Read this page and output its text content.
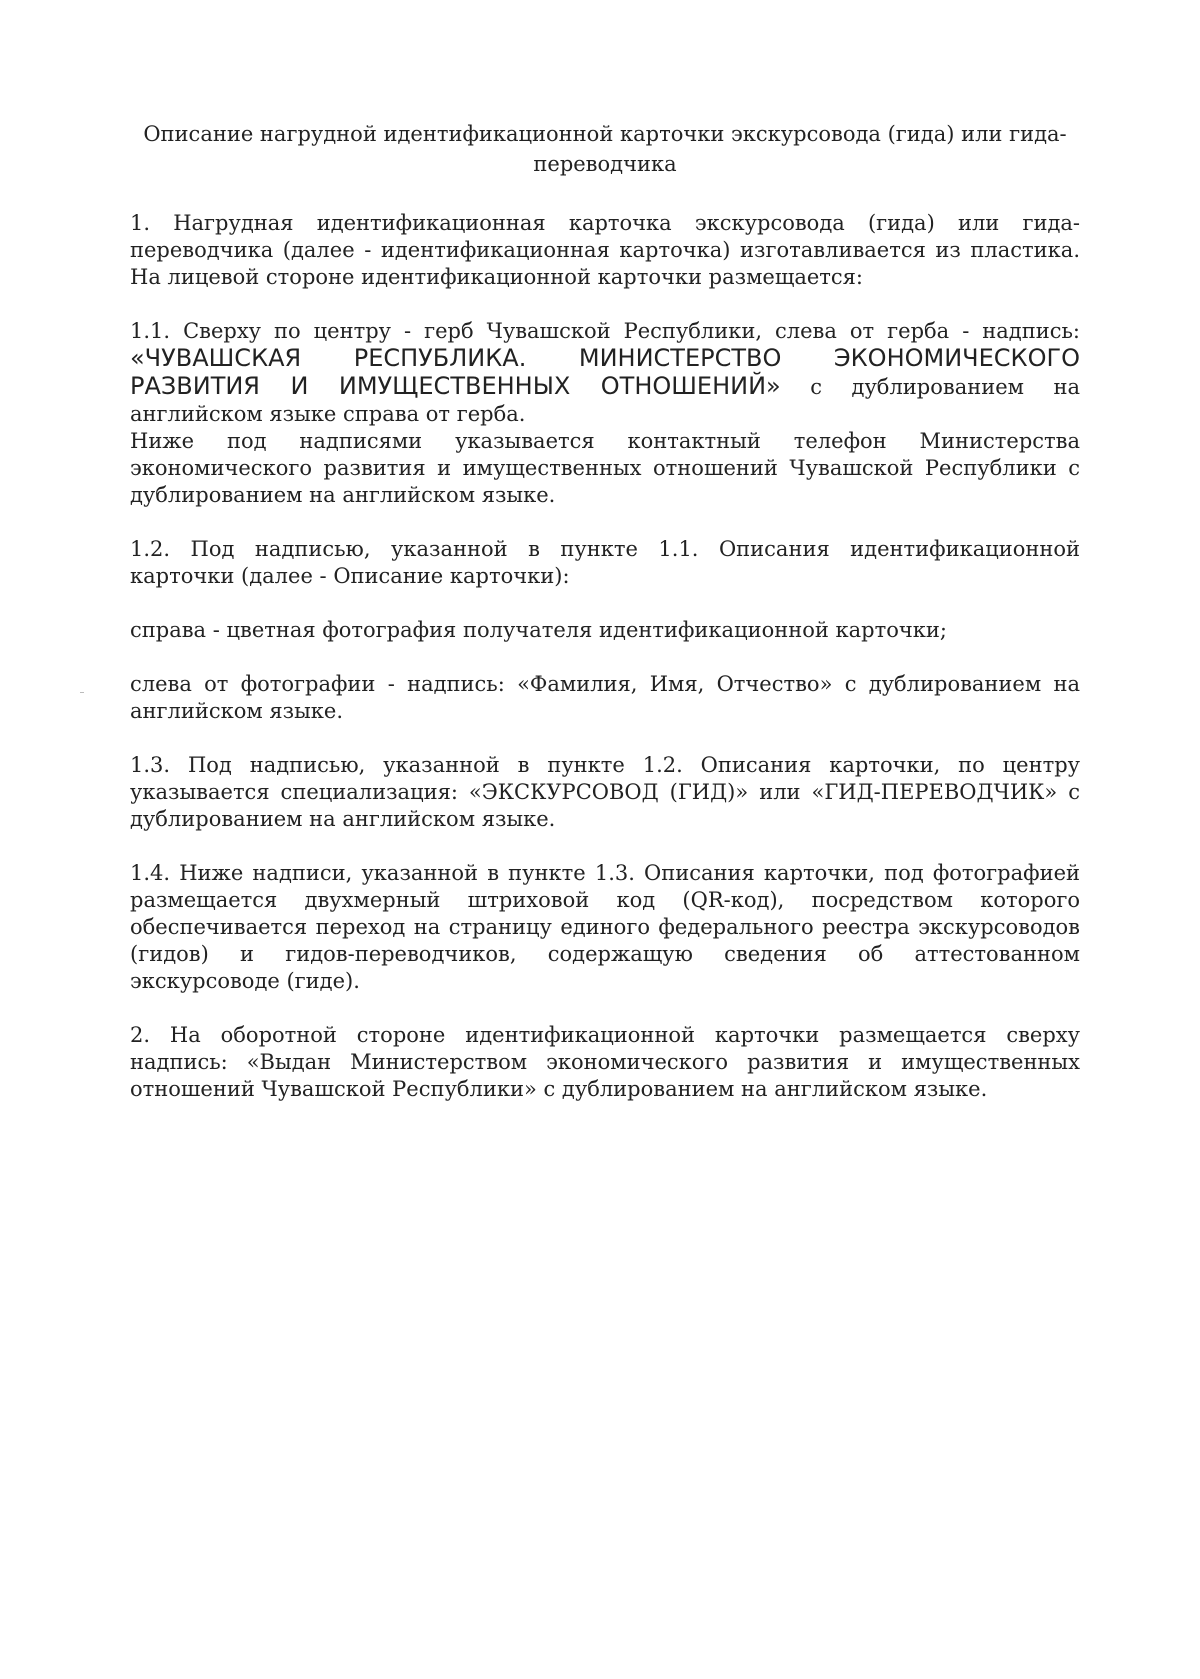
Описание нагрудной идентификационной карточки экскурсовода (гида) или гида-
переводчика

1. Нагрудная идентификационная карточка экскурсовода (гида) или гида-переводчика (далее - идентификационная карточка) изготавливается из пластика. На лицевой стороне идентификационной карточки размещается:

1.1. Сверху по центру - герб Чувашской Республики, слева от герба - надпись: «ЧУВАШСКАЯ РЕСПУБЛИКА. МИНИСТЕРСТВО ЭКОНОМИЧЕСКОГО РАЗВИТИЯ И ИМУЩЕСТВЕННЫХ ОТНОШЕНИЙ» с дублированием на английском языке справа от герба.

Ниже под надписями указывается контактный телефон Министерства экономического развития и имущественных отношений Чувашской Республики с дублированием на английском языке.

1.2. Под надписью, указанной в пункте 1.1. Описания идентификационной карточки (далее - Описание карточки):

справа - цветная фотография получателя идентификационной карточки;

слева от фотографии - надпись: «Фамилия, Имя, Отчество» с дублированием на английском языке.

1.3. Под надписью, указанной в пункте 1.2. Описания карточки, по центру указывается специализация: «ЭКСКУРСОВОД (ГИД)» или «ГИД-ПЕРЕВОДЧИК» с дублированием на английском языке.

1.4. Ниже надписи, указанной в пункте 1.3. Описания карточки, под фотографией размещается двухмерный штриховой код (QR-код), посредством которого обеспечивается переход на страницу единого федерального реестра экскурсоводов (гидов) и гидов-переводчиков, содержащую сведения об аттестованном экскурсоводе (гиде).

2. На оборотной стороне идентификационной карточки размещается сверху надпись: «Выдан Министерством экономического развития и имущественных отношений Чувашской Республики» с дублированием на английском языке.
